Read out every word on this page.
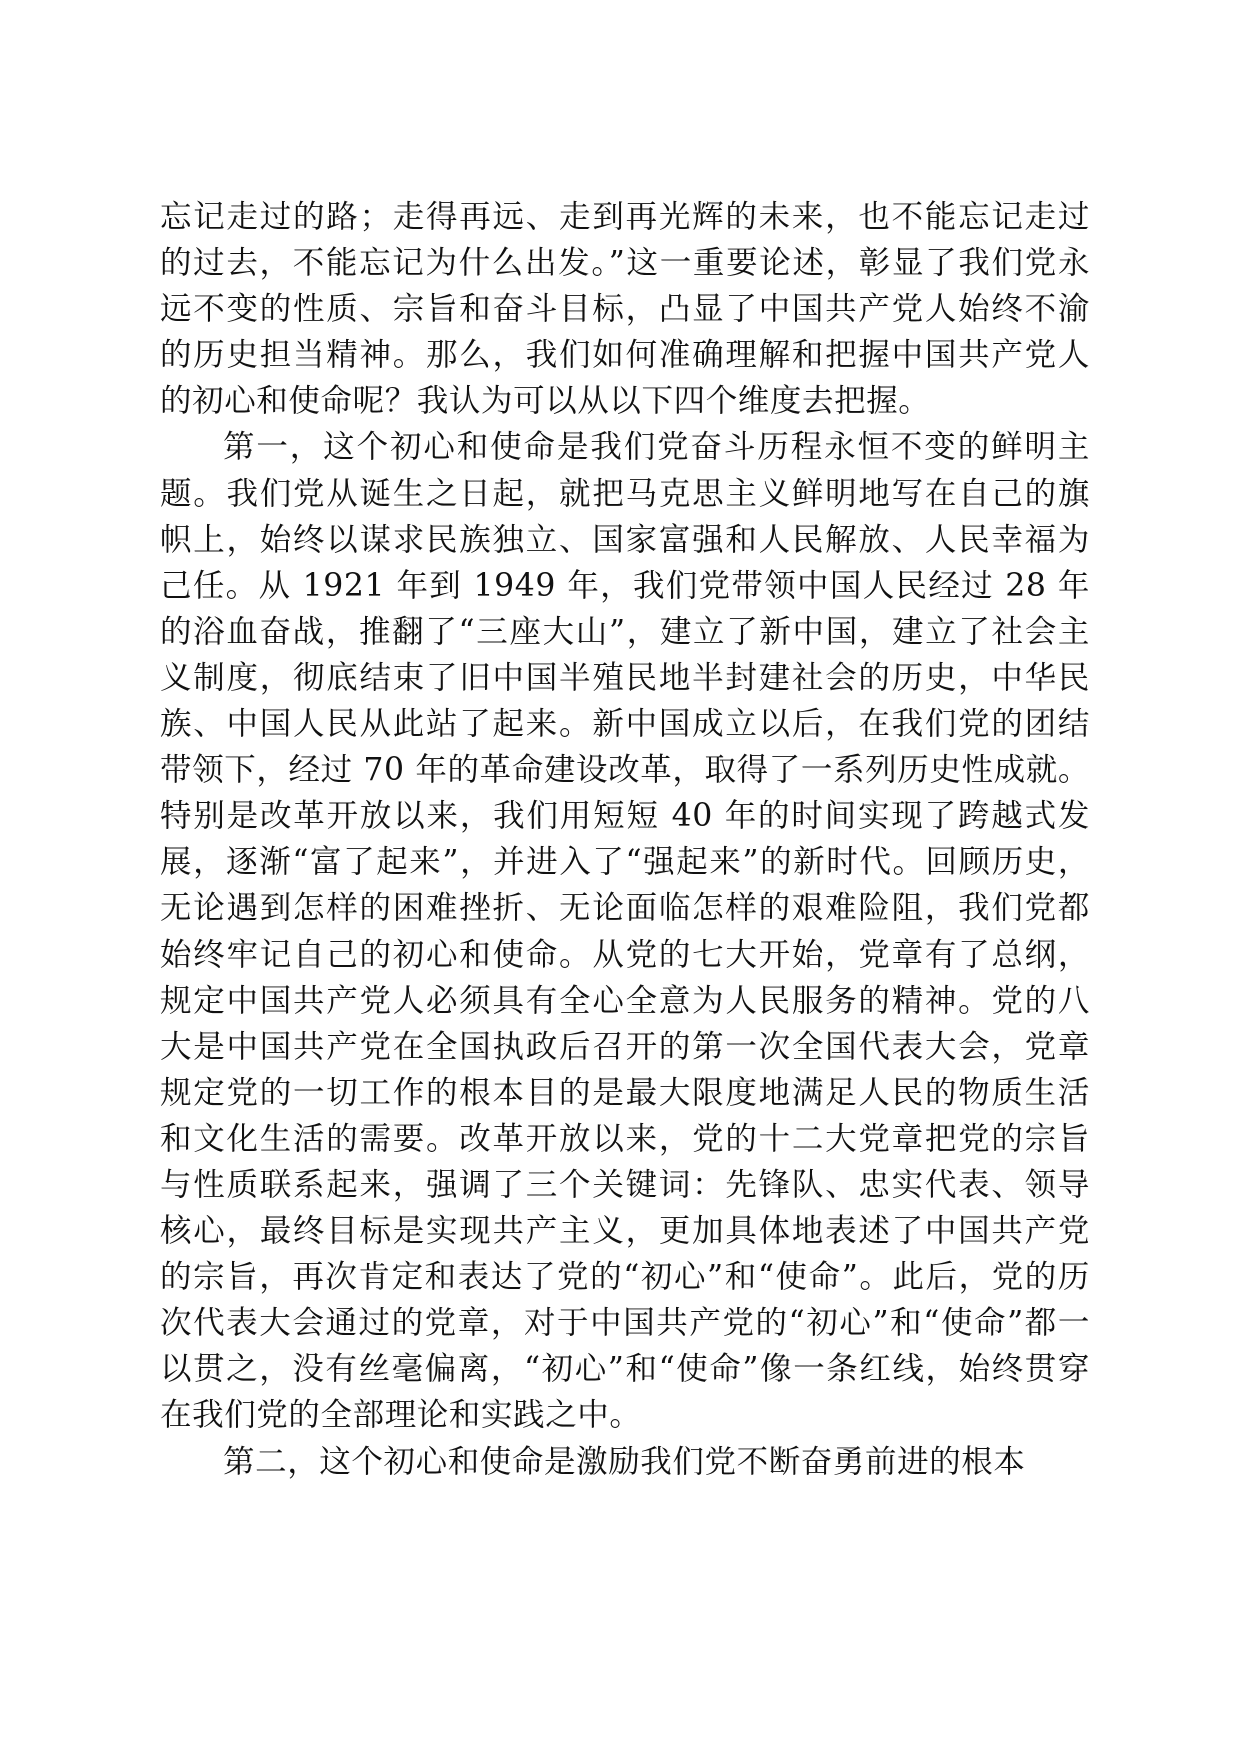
忘记走过的路；走得再远、走到再光辉的未来，也不能忘记走过的过去，不能忘记为什么出发。”这一重要论述，彰显了我们党永远不变的性质、宗旨和奋斗目标，凸显了中国共产党人始终不渝的历史担当精神。那么，我们如何准确理解和把握中国共产党人的初心和使命呢？我认为可以从以下四个维度去把握。

第一，这个初心和使命是我们党奋斗历程永恒不变的鲜明主题。我们党从诞生之日起，就把马克思主义鲜明地写在自己的旗帜上，始终以谋求民族独立、国家富强和人民解放、人民幸福为己任。从 1921 年到 1949 年，我们党带领中国人民经过 28 年的浴血奋战，推翻了“三座大山”，建立了新中国，建立了社会主义制度，彻底结束了旧中国半殖民地半封建社会的历史，中华民族、中国人民从此站了起来。新中国成立以后，在我们党的团结带领下，经过 70 年的革命建设改革，取得了一系列历史性成就。特别是改革开放以来，我们用短短 40 年的时间实现了跨越式发展，逐渐“富了起来”，并进入了“强起来”的新时代。回顾历史，无论遇到怎样的困难挫折、无论面临怎样的艰难险阻，我们党都始终牢记自己的初心和使命。从党的七大开始，党章有了总纲，规定中国共产党人必须具有全心全意为人民服务的精神。党的八大是中国共产党在全国执政后召开的第一次全国代表大会，党章规定党的一切工作的根本目的是最大限度地满足人民的物质生活和文化生活的需要。改革开放以来，党的十二大党章把党的宗旨与性质联系起来，强调了三个关键词：先锋队、忠实代表、领导核心，最终目标是实现共产主义，更加具体地表述了中国共产党的宗旨，再次肯定和表达了党的“初心”和“使命”。此后，党的历次代表大会通过的党章，对于中国共产党的“初心”和“使命”都一以贯之，没有丝毫偏离，“初心”和“使命”像一条红线，始终贯穿在我们党的全部理论和实践之中。

第二，这个初心和使命是激励我们党不断奋勇前进的根本
